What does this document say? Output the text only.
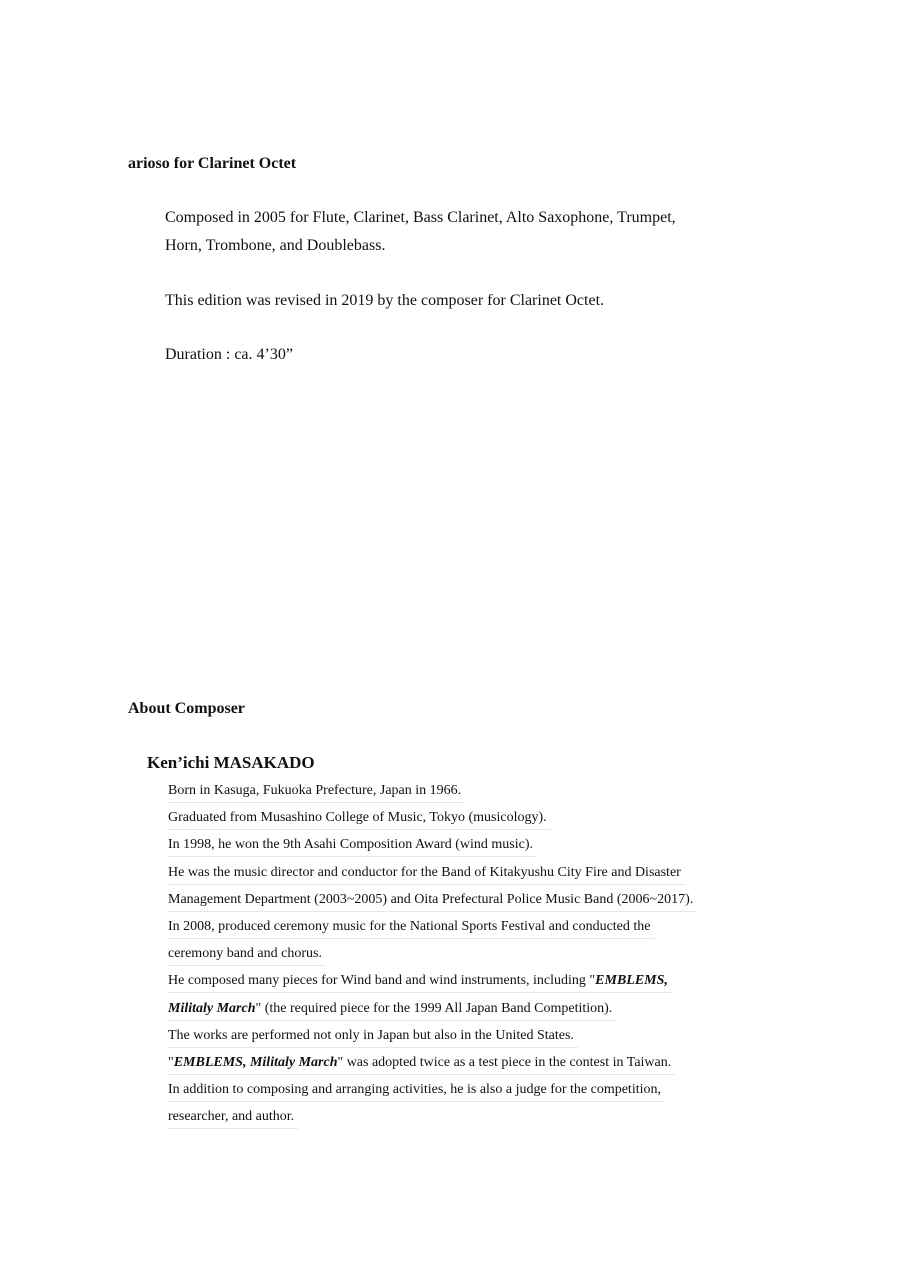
arioso for Clarinet Octet

Composed in 2005 for Flute, Clarinet, Bass Clarinet, Alto Saxophone, Trumpet,
Horn, Trombone, and Doublebass.

This edition was revised in 2019 by the composer for Clarinet Octet.

Duration : ca. 4’30”

About Composer
Ken’ichi MASAKADO
Born in Kasuga, Fukuoka Prefecture, Japan in 1966.
Graduated from Musashino College of Music, Tokyo (musicology).
In 1998, he won the 9th Asahi Composition Award (wind music).
He was the music director and conductor for the Band of Kitakyushu City Fire and Disaster
Management Department (2003~2005) and Oita Prefectural Police Music Band (2006~2017).
In 2008, produced ceremony music for the National Sports Festival and conducted the
ceremony band and chorus.
He composed many pieces for Wind band and wind instruments, including "EMBLEMS,
Militaly March" (the required piece for the 1999 All Japan Band Competition).
The works are performed not only in Japan but also in the United States.
"EMBLEMS, Militaly March" was adopted twice as a test piece in the contest in Taiwan.
In addition to composing and arranging activities, he is also a judge for the competition,
researcher, and author.
